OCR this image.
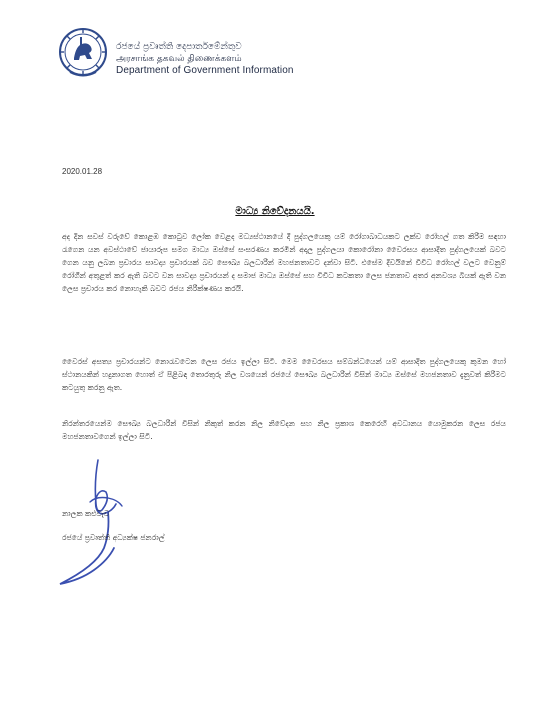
රජයේ ප්‍රවෘත්ති දෙපාර්තමේන්තුව
அரசாங்க தகவல் திணைக்களம்
Department of Government Information
2020.01.28
මාධ්‍ය නිවේදනයයි.
අද දින සවස් වරුවේ කොළඹ කොටුව ලෝක වෙළද මධ්‍යස්ථානයේ දී පුද්ගලයෙකු යම් රෝගාබාධයකට ලක්ව රෝහල් ගත කිරීම සඳහා රැගෙන යන අවස්ථාවේ ජායාරූප සමග මාධ්‍ය ඔස්සේ සංසරණය කරමින් අදාල පුද්ගලයා කොරෝනා වෛරසය ආසාදිත පුද්ගලයෙක් බවට ගෙන යනු ලබන ප්‍රචාරය සාවද්‍ය ප්‍රචාරයක් බව සෞඛ්‍ය බලධාරීන් මහජනතාවට දන්වා සිටී. එසේම දිවයිනේ විවිධ රෝහල් වලට වෙනුම් රෝගීන් අතුළත් කර ඇති බවට වන සාවද්‍ය ප්‍රචාරයන් ද සමාජ මාධ්‍ය ඔස්සේ සහ විවිධ කටකතා ලෙස ජනතාව අතර අනවශ්‍ය බියක් ඇති වන ලෙස ප්‍රචාරය කර නොහැකි බවට රජය නිරීක්ෂණය කරයි.
වෛරස් අසත්‍ය ප්‍රචාරයන්ට නොරැවටෙන ලෙස රජය ඉල්ලා සිටී. මෙම වෛරසය සම්බන්ධයෙන් යම් ආසාදිත පුද්ගලයෙකු කුමන හෝ ස්ථානයකින් හදුනාගත හොත් ඒ පිළිබඳ තොරතුරු නිල වශයෙන් රජයේ සෞඛ්‍ය බලධාරීන් විසින් මාධ්‍ය ඔස්සේ මහජනතාව දැනුවත් කිරීමට කටයුතු කරනු ඇත.
නිරන්තරයෙන්ම සෞඛ්‍ය බලධාරීන් විසින් නිකුත් කරන නිල නිවේදන සහ නිල ප්‍රකාශ කෙරෙහි අවධානය යොමුකරන ලෙස රජය මහජනතාවගෙන් ඉල්ලා සිටී.
නාලක කළුවැව
රජයේ ප්‍රවෘත්ති අධ්‍යක්ෂ ජනරාල්
